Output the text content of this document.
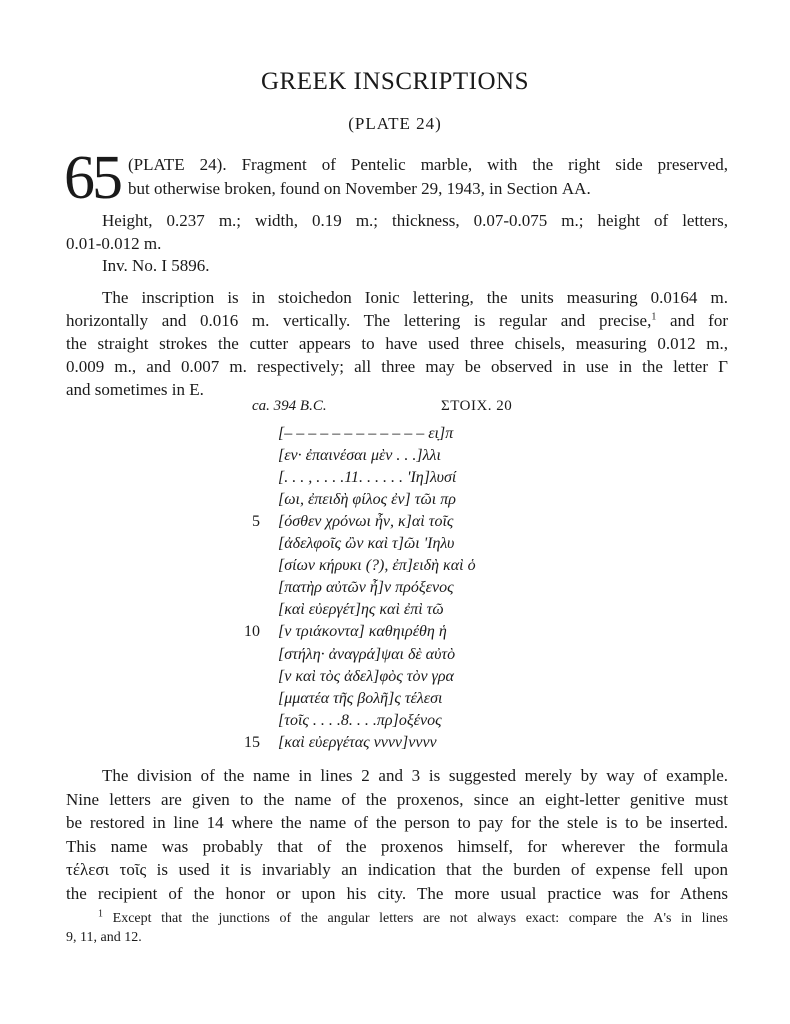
GREEK INSCRIPTIONS
(PLATE 24)
65 (PLATE 24). Fragment of Pentelic marble, with the right side preserved,
but otherwise broken, found on November 29, 1943, in Section ΑΑ.
Height, 0.237 m.; width, 0.19 m.; thickness, 0.07-0.075 m.; height of letters,
0.01-0.012 m.
Inv. No. I 5896.
The inscription is in stoichedon Ionic lettering, the units measuring 0.0164 m.
horizontally and 0.016 m. vertically. The lettering is regular and precise,$^1$ and for
the straight strokes the cutter appears to have used three chisels, measuring 0.012 m.,
0.009 m., and 0.007 m. respectively; all three may be observed in use in the letter Γ
and sometimes in Ε.
ca. 394 B.C.	ΣΤΟΙΧ. 20
[– – – – – – – – – – – – ει̣]π
[εν· ἐπαινέσαι μὲν . . .]λλι
[. . . , . . . .11. . . . . . 'Ιη]λυσί
[ωι, ἐπειδὴ φίλος ἐν] τῶι πρ
5 [όσθεν χρόνωι ἦν, κ]αὶ τοῖς
[ἀδελφοῖς ὢν καὶ τ]ῶι 'Ιηλυ
[σίων κήρυκι (?), ἐπ]ειδὴ καὶ ὁ
[πατὴρ αὐτῶν ἦ]ν πρόξενος
[καὶ εὐεργέτ]ης καὶ ἐπὶ τῶ
10 [ν τριάκοντα] καθηιρέθη ἡ
[στήλη· ἀναγρά]ψαι δὲ αὐτὸ
[ν καὶ τὸς ἀδελ]φὸς τὸν γρα
[μματέα τῆς βολῆ]ς τέλεσι
[τοῖς . . . .8. . . .πρ]οξένος
15 [καὶ εὐεργέτας vvvv]vvvv
The division of the name in lines 2 and 3 is suggested merely by way of example.
Nine letters are given to the name of the proxenos, since an eight-letter genitive must
be restored in line 14 where the name of the person to pay for the stele is to be inserted.
This name was probably that of the proxenos himself, for wherever the formula
τέλεσι τοῖς is used it is invariably an indication that the burden of expense fell upon
the recipient of the honor or upon his city. The more usual practice was for Athens
$^1$ Except that the junctions of the angular letters are not always exact: compare the Α's in lines
9, 11, and 12.
